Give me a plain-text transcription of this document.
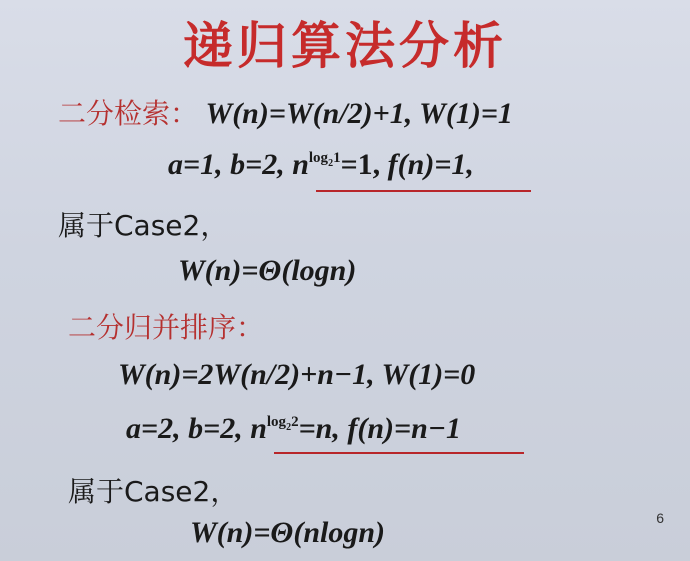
递归算法分析
二分检索： W(n)=W(n/2)+1, W(1)=1
a=1, b=2, $n^{log_21}=1$, f(n)=1,
属于Case2，
W(n)=Θ(logn)
二分归并排序：
W(n)=2W(n/2)+n−1, W(1)=0
a=2, b=2, $n^{log_22}=n$, f(n)=n−1
属于Case2，
W(n)=Θ(nlogn)	6
